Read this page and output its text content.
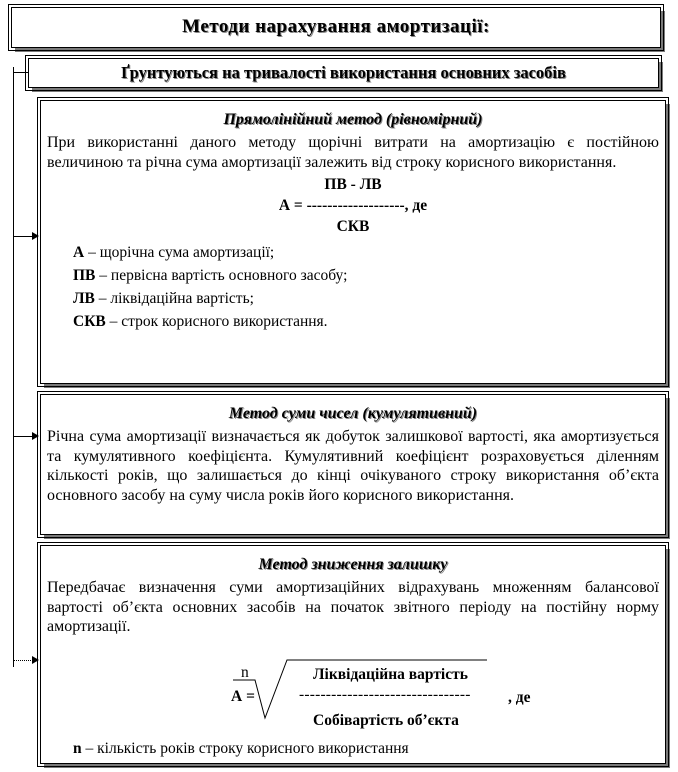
Методи нарахування амортизації:
Ґрунтуються на тривалості використання основних засобів
Прямолінійний метод (рівномірний)
При використанні даного методу щорічні витрати на амортизацію є постійною величиною та річна сума амортизації залежить від строку корисного використання.
ПВ - ЛВ
А = -------------------, де
СКВ
А – щорічна сума амортизації;
ПВ – первісна вартість основного засобу;
ЛВ – ліквідаційна вартість;
СКВ – строк корисного використання.
Метод суми чисел (кумулятивний)
Річна сума амортизації визначається як добуток залишкової вартості, яка амортизується та кумулятивного коефіцієнта. Кумулятивний коефіцієнт розраховується діленням кількості років, що залишається до кінці очікуваного строку використання об’єкта основного засобу на суму числа років його корисного використання.
Метод зниження залишку
Передбачає визначення суми амортизаційних відрахувань множенням балансової вартості об’єкта основних засобів на початок звітного періоду на постійну норму амортизації.
n
А =
Ліквідаційна вартість
-------------------------------- , де
Собівартість об’єкта
n – кількість років строку корисного використання
